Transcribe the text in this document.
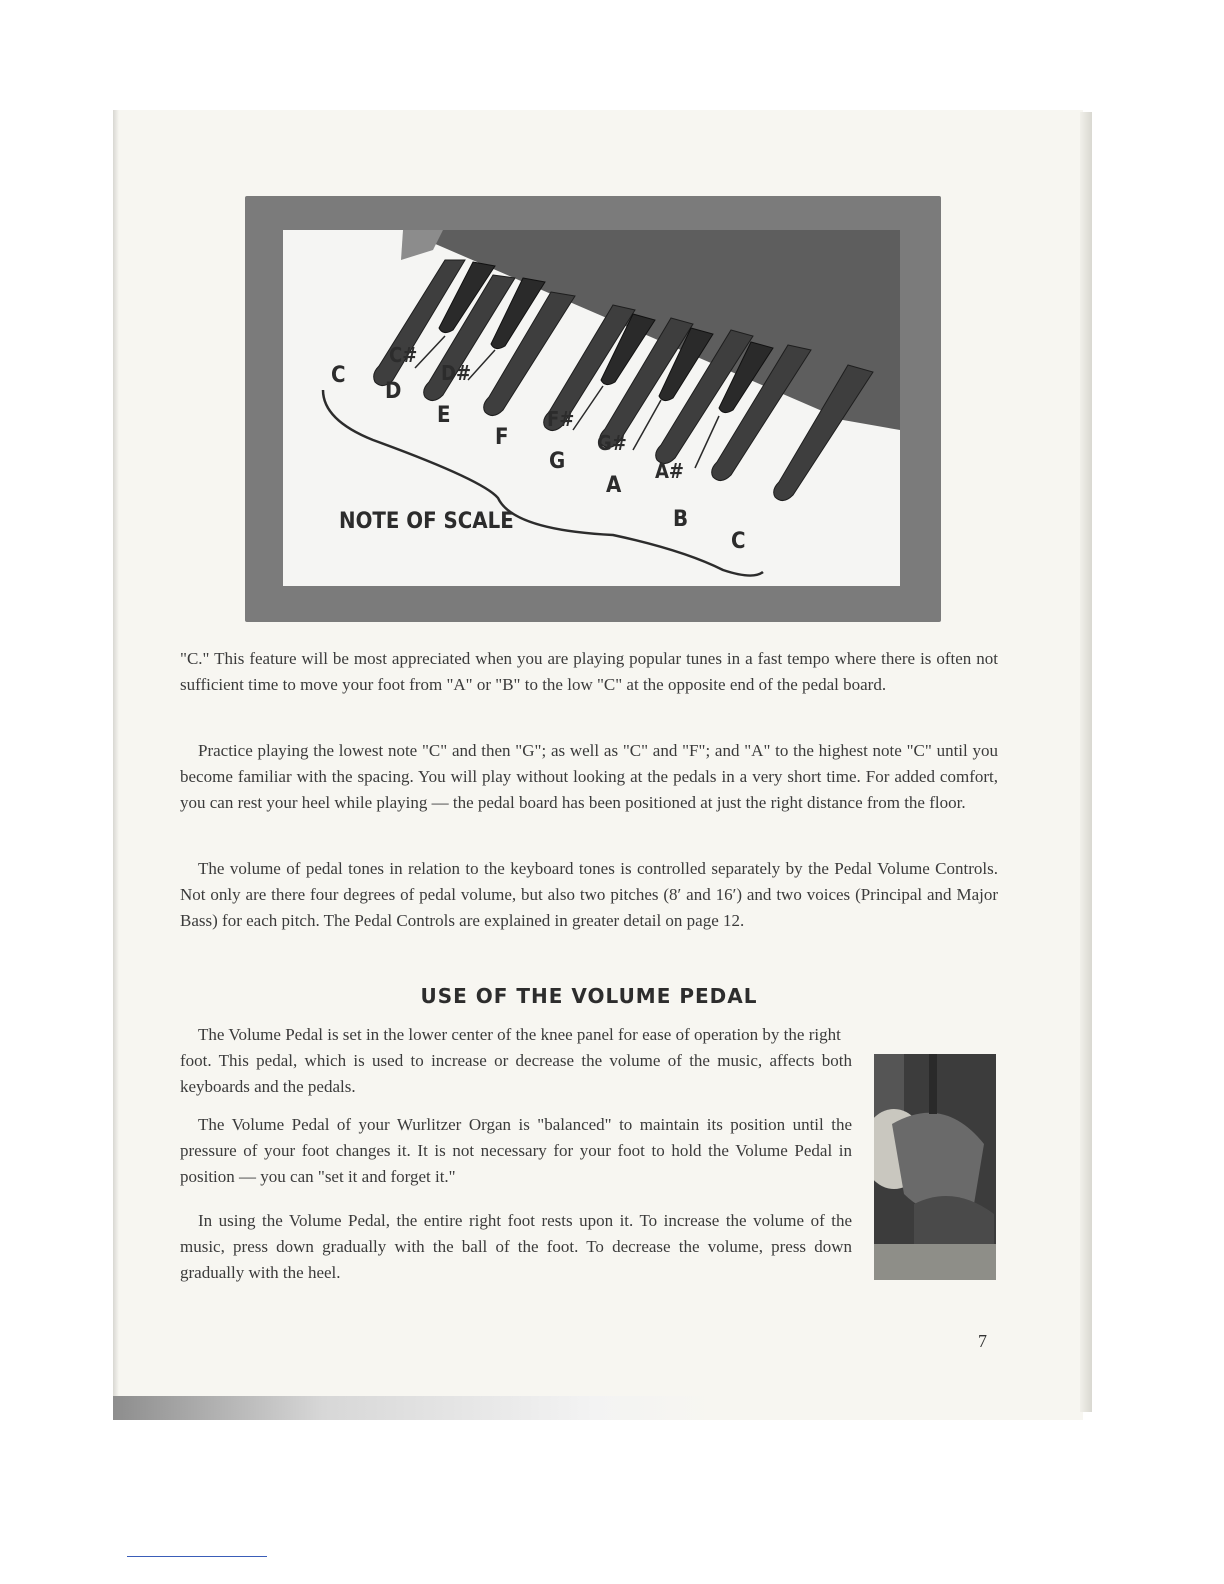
C
C#
D
D#
E
F
F#
G
G#
A
A#
B
C
NOTE OF SCALE

"C." This feature will be most appreciated when you are playing popular tunes in a fast tempo where there is often not sufficient time to move your foot from "A" or "B" to the low "C" at the opposite end of the pedal board.

Practice playing the lowest note "C" and then "G"; as well as "C" and "F"; and "A" to the highest note "C" until you become familiar with the spacing. You will play without looking at the pedals in a very short time. For added comfort, you can rest your heel while playing — the pedal board has been positioned at just the right distance from the floor.

The volume of pedal tones in relation to the keyboard tones is controlled separately by the Pedal Volume Controls. Not only are there four degrees of pedal volume, but also two pitches (8′ and 16′) and two voices (Principal and Major Bass) for each pitch. The Pedal Controls are explained in greater detail on page 12.

USE OF THE VOLUME PEDAL

The Volume Pedal is set in the lower center of the knee panel for ease of operation by the right

foot. This pedal, which is used to increase or decrease the volume of the music, affects both keyboards and the pedals.

The Volume Pedal of your Wurlitzer Organ is "balanced" to maintain its position until the pressure of your foot changes it. It is not necessary for your foot to hold the Volume Pedal in position — you can "set it and forget it."

In using the Volume Pedal, the entire right foot rests upon it. To increase the volume of the music, press down gradually with the ball of the foot. To decrease the volume, press down gradually with the heel.

7
